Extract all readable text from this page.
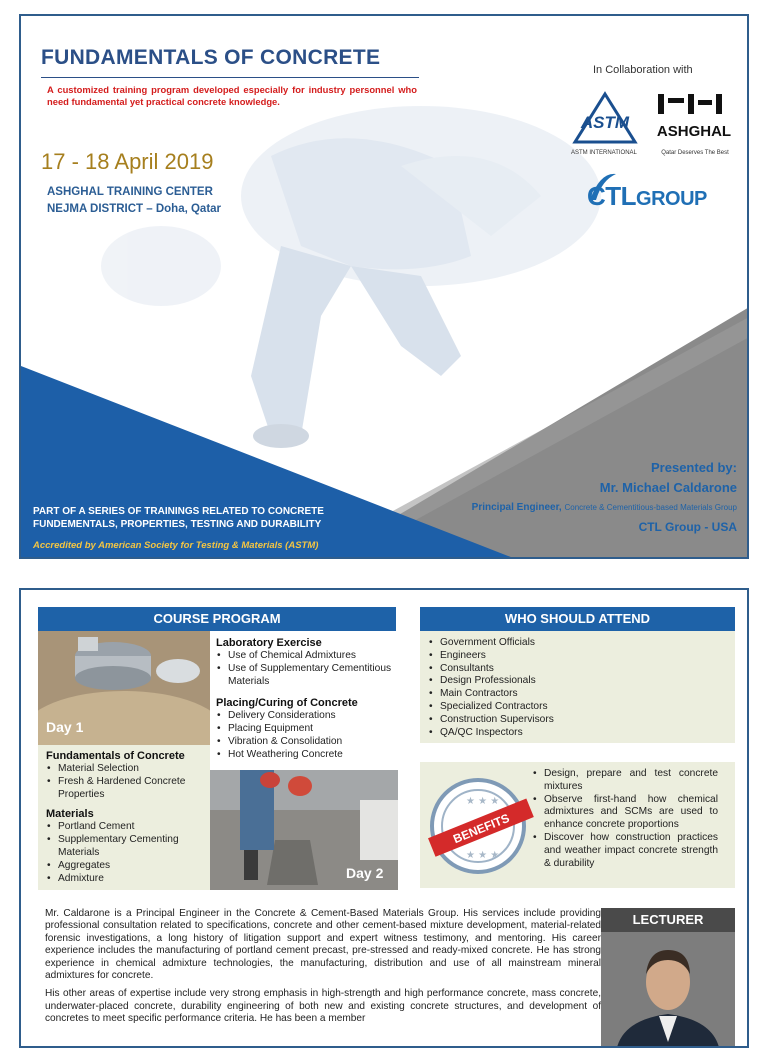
FUNDAMENTALS OF CONCRETE
A customized training program developed especially for industry personnel who need fundamental yet practical concrete knowledge.
17 - 18 April 2019
ASHGHAL TRAINING CENTER
NEJMA DISTRICT – Doha, Qatar
In Collaboration with
ASTM
ASTM INTERNATIONAL
ASHGHAL
Qatar Deserves The Best
CTLGROUP
Presented by:
Mr. Michael Caldarone
Principal Engineer, Concrete & Cementitious-based Materials Group
CTL Group - USA
PART OF A SERIES OF TRAININGS RELATED TO CONCRETE FUNDEMENTALS, PROPERTIES, TESTING AND DURABILITY
Accredited by American Society for Testing & Materials (ASTM)
COURSE PROGRAM
Day 1
Fundamentals of Concrete
• Material Selection
• Fresh & Hardened Concrete Properties
Materials
• Portland Cement
• Supplementary Cementing Materials
• Aggregates
• Admixture
Laboratory Exercise
• Use of Chemical Admixtures
• Use of Supplementary Cementitious Materials
Placing/Curing of Concrete
• Delivery Considerations
• Placing Equipment
• Vibration & Consolidation
• Hot Weathering Concrete
Day 2
WHO SHOULD ATTEND
• Government Officials
• Engineers
• Consultants
• Design Professionals
• Main Contractors
• Specialized Contractors
• Construction Supervisors
• QA/QC Inspectors
★ ★ ★
★ ★ ★
BENEFITS
• Design, prepare and test concrete mixtures
• Observe first-hand how chemical admixtures and SCMs are used to enhance concrete proportions
• Discover how construction practices and weather impact concrete strength & durability

Mr. Caldarone is a Principal Engineer in the Concrete & Cement-Based Materials Group. His services include providing professional consultation related to specifications, concrete and other cement-based mixture development, material-related forensic investigations, a long history of litigation support and expert witness testimony, and mentoring. His career experience includes the manufacturing of portland cement precast, pre-stressed and ready-mixed concrete. He has strong experience in chemical admixture technologies, the manufacturing, distribution and use of all mainstream mineral admixtures for concrete.

His other areas of expertise include very strong emphasis in high-strength and high performance concrete, mass concrete, underwater-placed concrete, durability engineering of both new and existing concrete structures, and development of concretes to meet specific performance criteria. He has been a member

LECTURER
